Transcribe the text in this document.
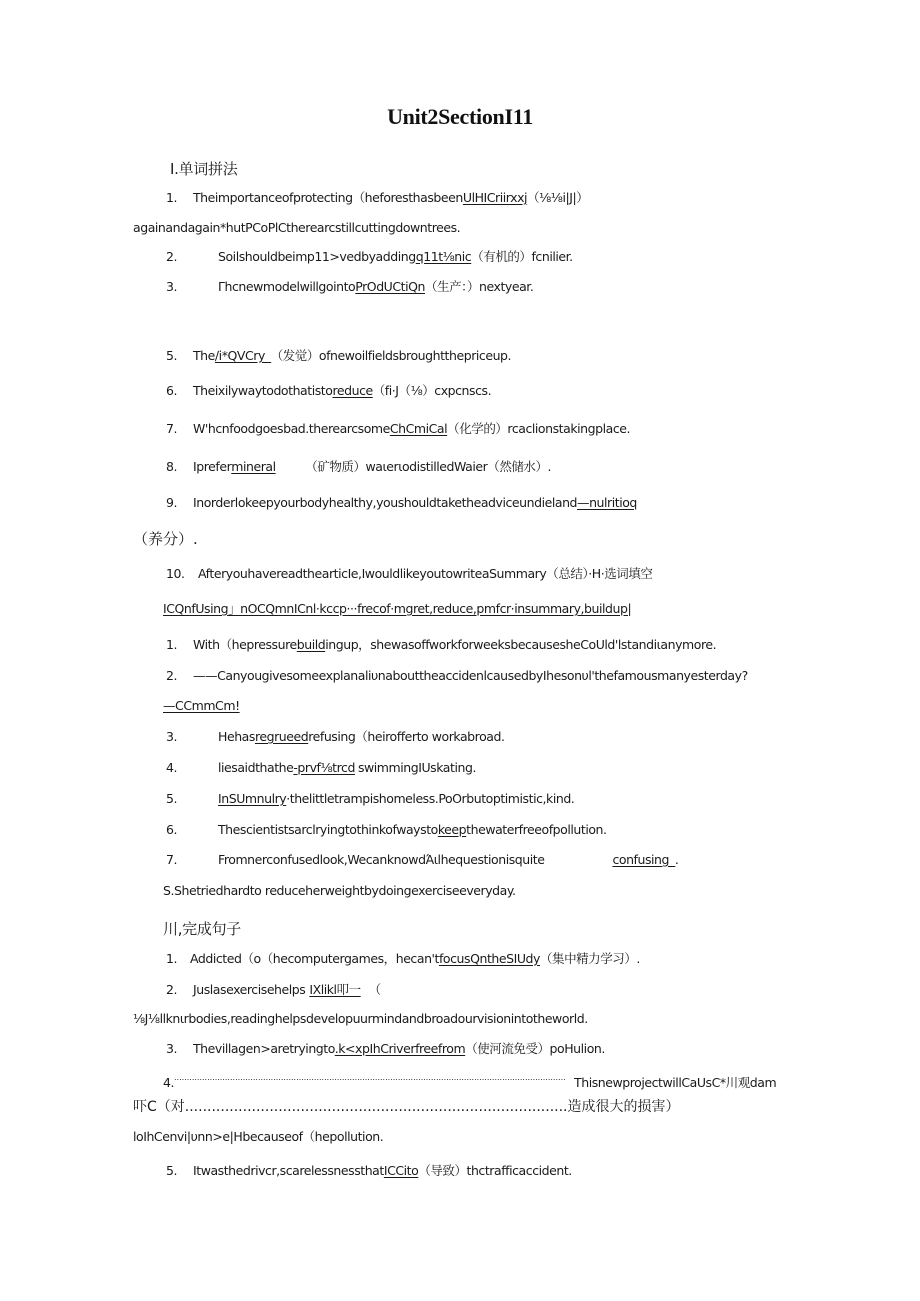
Unit2SectionI11
I.单词拼法
1. Theimportanceofprotecting（heforesthasbeenUlHICriirxxj（⅛⅛i|J|）
againandagain*hutPCoPlCtherearcstillcuttingdowntrees.
2.	Soilshouldbeimp11>vedbyaddingq11t⅛nic（有机的）fcnilier.
3.	ΓhcnewmodelwillgointoPrOdUCtiQn（生产：）nextyear.
5. The∕i*QVCry_（发觉）ofnewoilfieldsbroughtthepriceup.
6. Theixilywaytodothatistoreduce（fi·J（⅛）cxpcnscs.
7. W'hcnfoodgoesbad.therearcsomeChCmiCal（化学的）rcaclionstakingplace.
8. Iprefermineral （矿物质）waιerιodistilledWaier（然储水）.
9. Inorderlokeepyourbodyhealthy,youshouldtaketheadviceundieland—nulritioq
（养分）.
10. AfteryouhavereadthearticIe,IwouldlikeyoutowriteaSummary（总结）·H·选词填空
ICQnfUsing」nOCQmnICnl·kccp···frecof·mgret,reduce,pmfcr·insummary,buildup|
1. With（hepressurebuildingup，shewasoffworkforweeksbecausesheCoUld'lstandiιanymore.
2. ——CanyougivesomeexplanaliυnabouttheaccidenlcausedbyIhesonυl'thefamousmanyesterday?
—CCmmCm!
3.	Hehasregrueedrefusing（heirofferto workabroad.
4.	liesaidthathe-prvf⅛trcd swimmingIUskating.
5.	InSUmnulry·thelittletrampishomeless.PoOrbutoptimistic,kind.
6.	Thescientistsarclryingtothinkofwaystokeepthewaterfreeofpollution.
7.	Fromnerconfusedlook,WecanknowdΆιlhequestionisquite	confusing_.
S.Shetriedhardto reduceherweightbydoingexerciseeveryday.
川,完成句子
1. Addicted（o（hecomputergames，hecan'tfocusQntheSIUdy（集中精力学习）.
2. Juslasexercisehelps IXlikl叩一 （
⅛J⅛llknιrbodies,readinghelpsdevelopuurmindandbroadourvisionintotheworld.
3. Thevillagen>aretryingto.k<xpIhCriverfreefrom（使河流免受）poHulion.
4........................................................................................................................................................... ThisnewprojectwillCaUsC*川观dam
吓C（对......................................................................................造成很大的损害）
loIhCenvi|υnn>e|Hbecauseof（hepollution.
5. Itwasthedrivcr,scarelessnessthatICCito（导致）thctrafficaccident.
